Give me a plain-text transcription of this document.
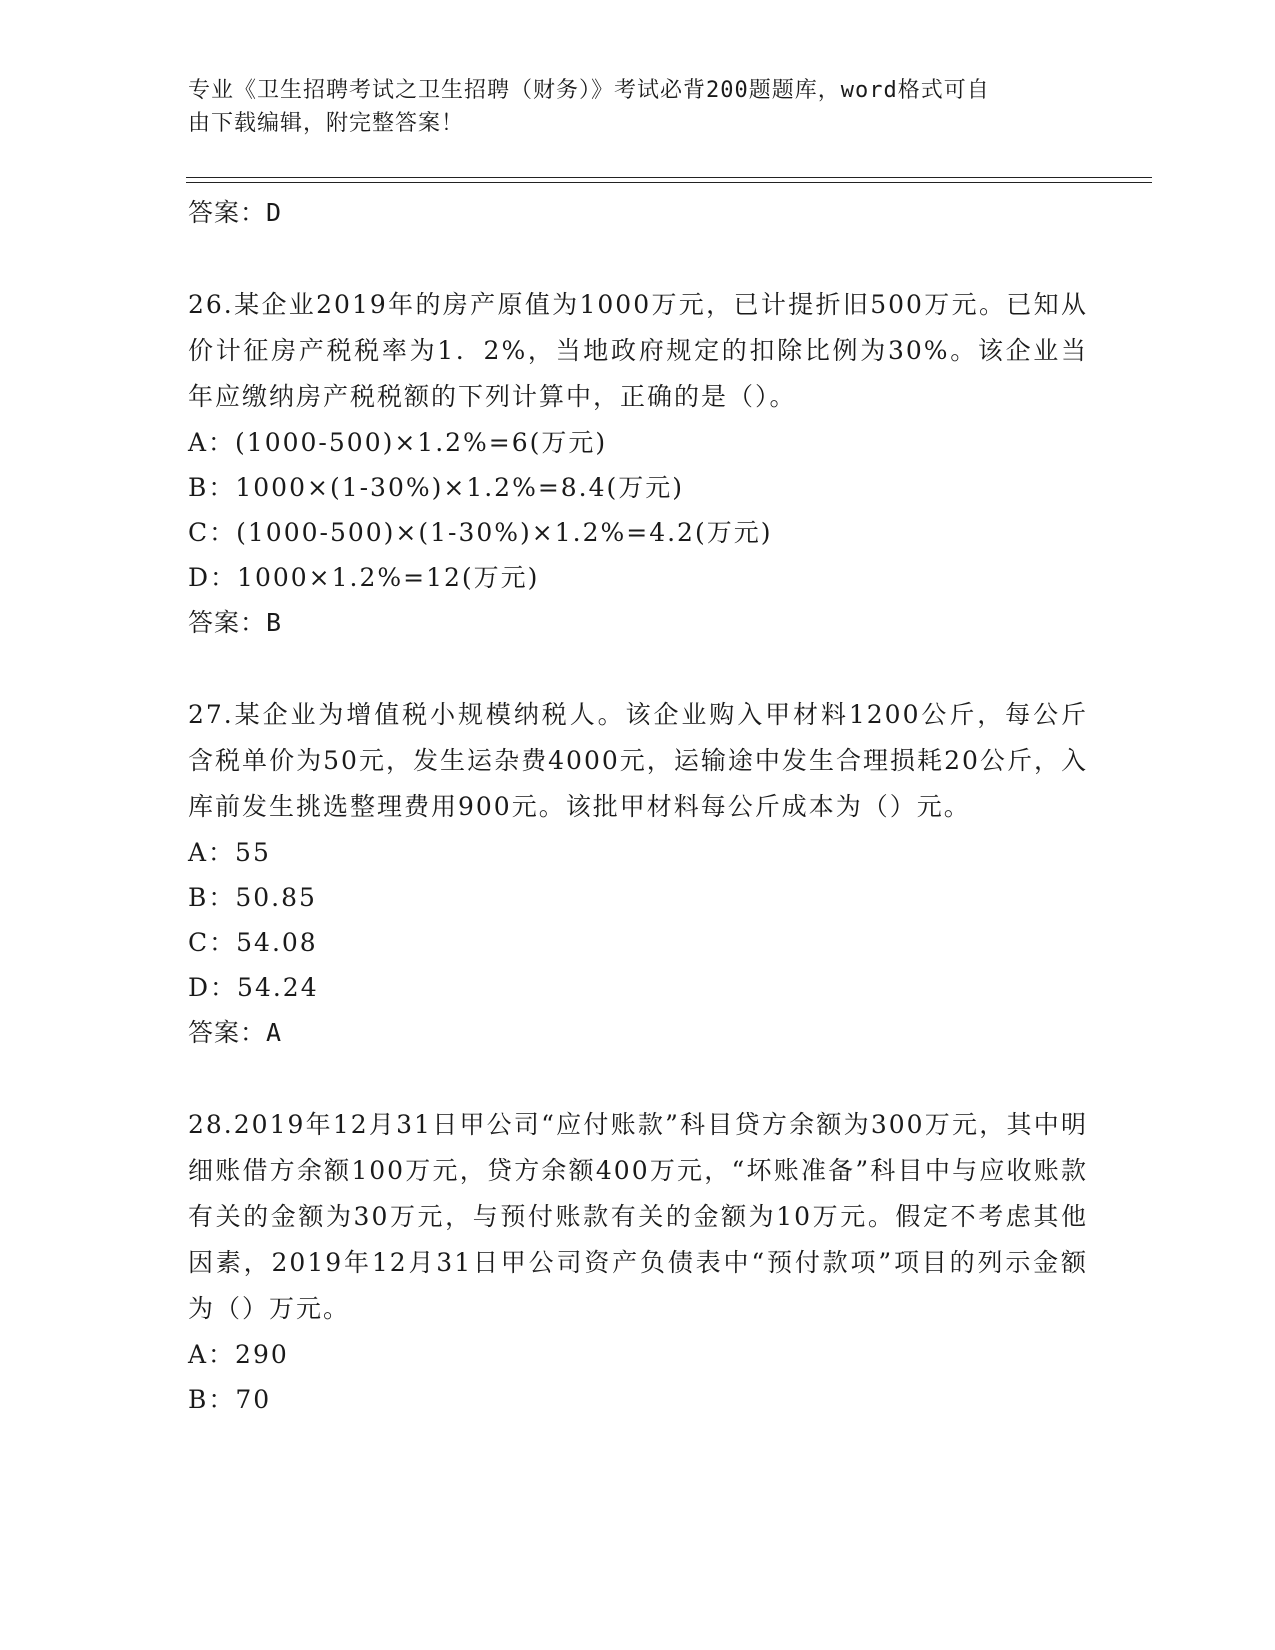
专业《卫生招聘考试之卫生招聘（财务）》考试必背200题题库，word格式可自
由下载编辑，附完整答案！
答案：D

26.某企业2019年的房产原值为1000万元，已计提折旧500万元。已知从价计征房产税税率为1．2%，当地政府规定的扣除比例为30%。该企业当年应缴纳房产税税额的下列计算中，正确的是（）。

A：(1000-500)×1.2%=6(万元)
B：1000×(1-30%)×1.2%=8.4(万元)
C：(1000-500)×(1-30%)×1.2%=4.2(万元)
D：1000×1.2%=12(万元)
答案：B

27.某企业为增值税小规模纳税人。该企业购入甲材料1200公斤，每公斤含税单价为50元，发生运杂费4000元，运输途中发生合理损耗20公斤，入库前发生挑选整理费用900元。该批甲材料每公斤成本为（）元。

A：55
B：50.85
C：54.08
D：54.24
答案：A

28.2019年12月31日甲公司“应付账款”科目贷方余额为300万元，其中明细账借方余额100万元，贷方余额400万元，“坏账准备”科目中与应收账款有关的金额为30万元，与预付账款有关的金额为10万元。假定不考虑其他因素，2019年12月31日甲公司资产负债表中“预付款项”项目的列示金额为（）万元。

A：290
B：70
